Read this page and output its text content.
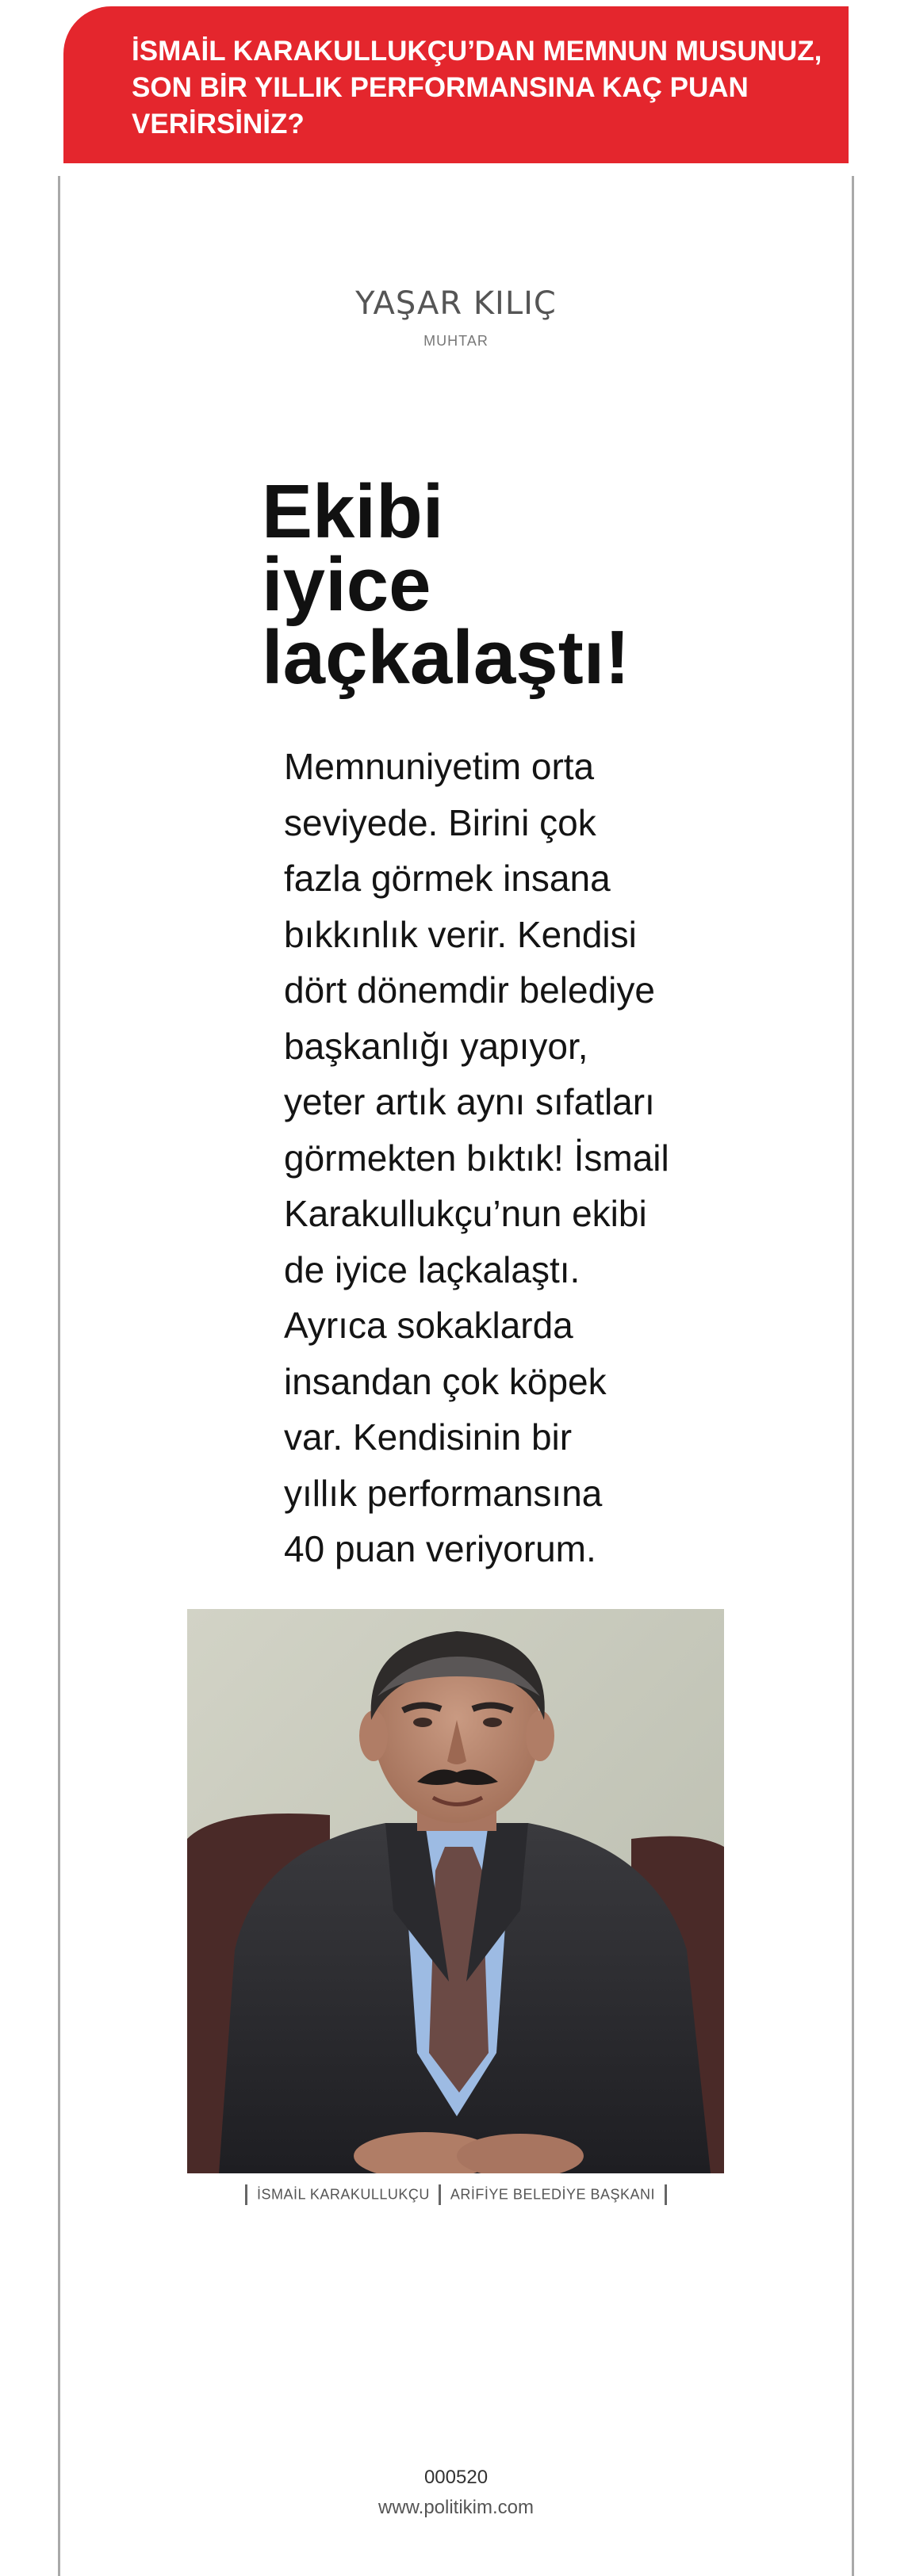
İSMAİL KARAKULLUKÇU’DAN MEMNUN MUSUNUZ,
SON BİR YILLIK PERFORMANSINA KAÇ PUAN
VERİRSİNİZ?
YAŞAR KILIÇ
MUHTAR
Ekibi
iyice
laçkalaştı!
Memnuniyetim orta
seviyede. Birini çok
fazla görmek insana
bıkkınlık verir. Kendisi
dört dönemdir belediye
başkanlığı yapıyor,
yeter artık aynı sıfatları
görmekten bıktık! İsmail
Karakullukçu’nun ekibi
de iyice laçkalaştı.
Ayrıca sokaklarda
insandan çok köpek
var. Kendisinin bir
yıllık performansına
40 puan veriyorum.
İSMAİL KARAKULLUKÇU ARİFİYE BELEDİYE BAŞKANI
000520
www.politikim.com
